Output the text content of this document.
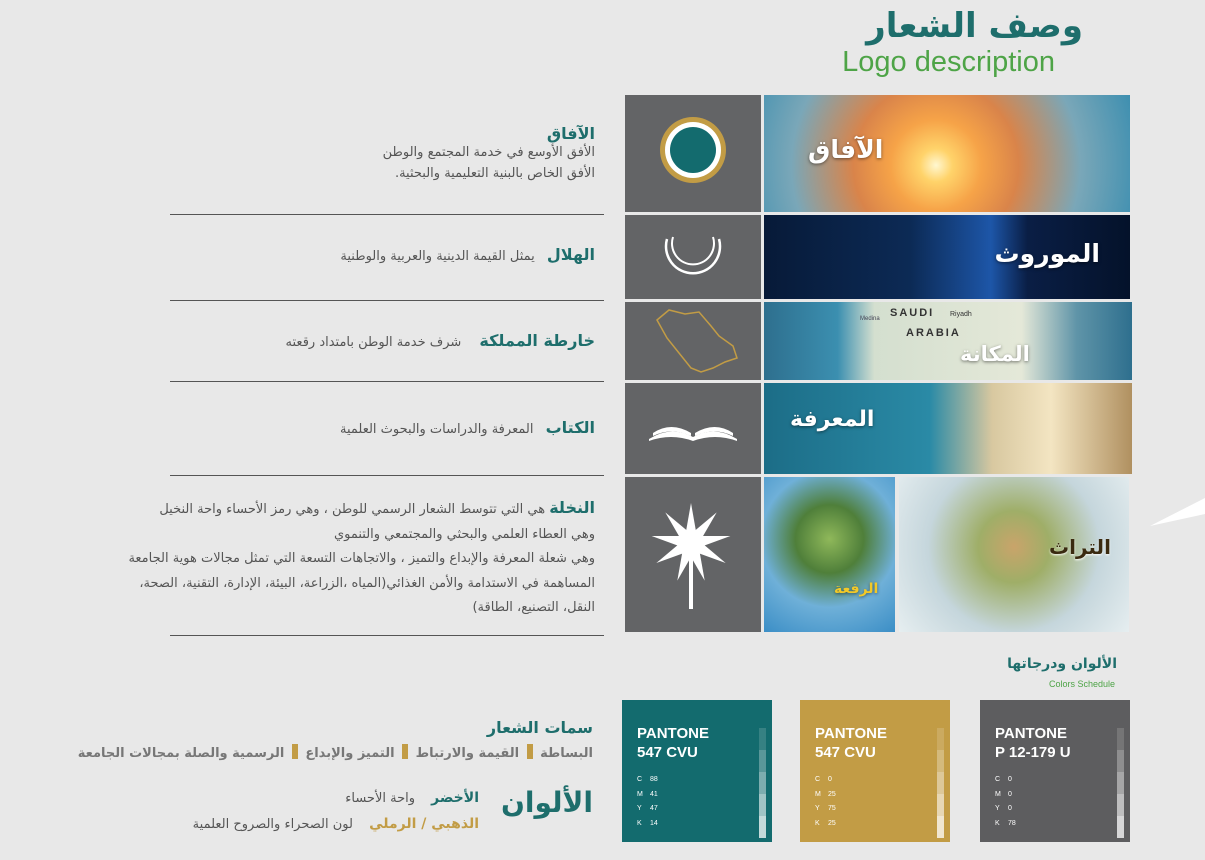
وصف الشعار
Logo description
الآفاق
الأفق الأوسع في خدمة المجتمع والوطن
الأفق الخاص بالبنية التعليمية والبحثية.
الآفاق
الهلال يمثل القيمة الدينية والعربية والوطنية	الموروث
خارطة المملكة شرف خدمة الوطن بامتداد رقعته
Medina SAUDI Riyadh
ARABIA
المكانة
الكتاب المعرفة والدراسات والبحوث العلمية	المعرفة
النخلة هي التي تتوسط الشعار الرسمي للوطن ، وهي رمز الأحساء واحة النخيل
وهي العطاء العلمي والبحثي والمجتمعي والتنموي
وهي شعلة المعرفة والإبداع والتميز ، والاتجاهات التسعة التي تمثل مجالات هوية الجامعة
المساهمة في الاستدامة والأمن الغذائي(المياه ،الزراعة، البيئة، الإدارة، التقنية، الصحة،
النقل، التصنيع، الطاقة)
الرفعة
التراث
الألوان ودرجاتها
Colors Schedule
PANTONE
547 CVU
C 88
M 41
Y 47
K 14
PANTONE
547 CVU
C 0
M 25
Y 75
K 25
PANTONE
P 12-179 U
C 0
M 0
Y 0
K 78
سمات الشعار
البساطة  القيمة والارتباط  التميز والإبداع  الرسمية والصلة بمجالات الجامعة
الألوان
الأخضر واحة الأحساء
الذهبي / الرملي لون الصحراء والصروح العلمية
